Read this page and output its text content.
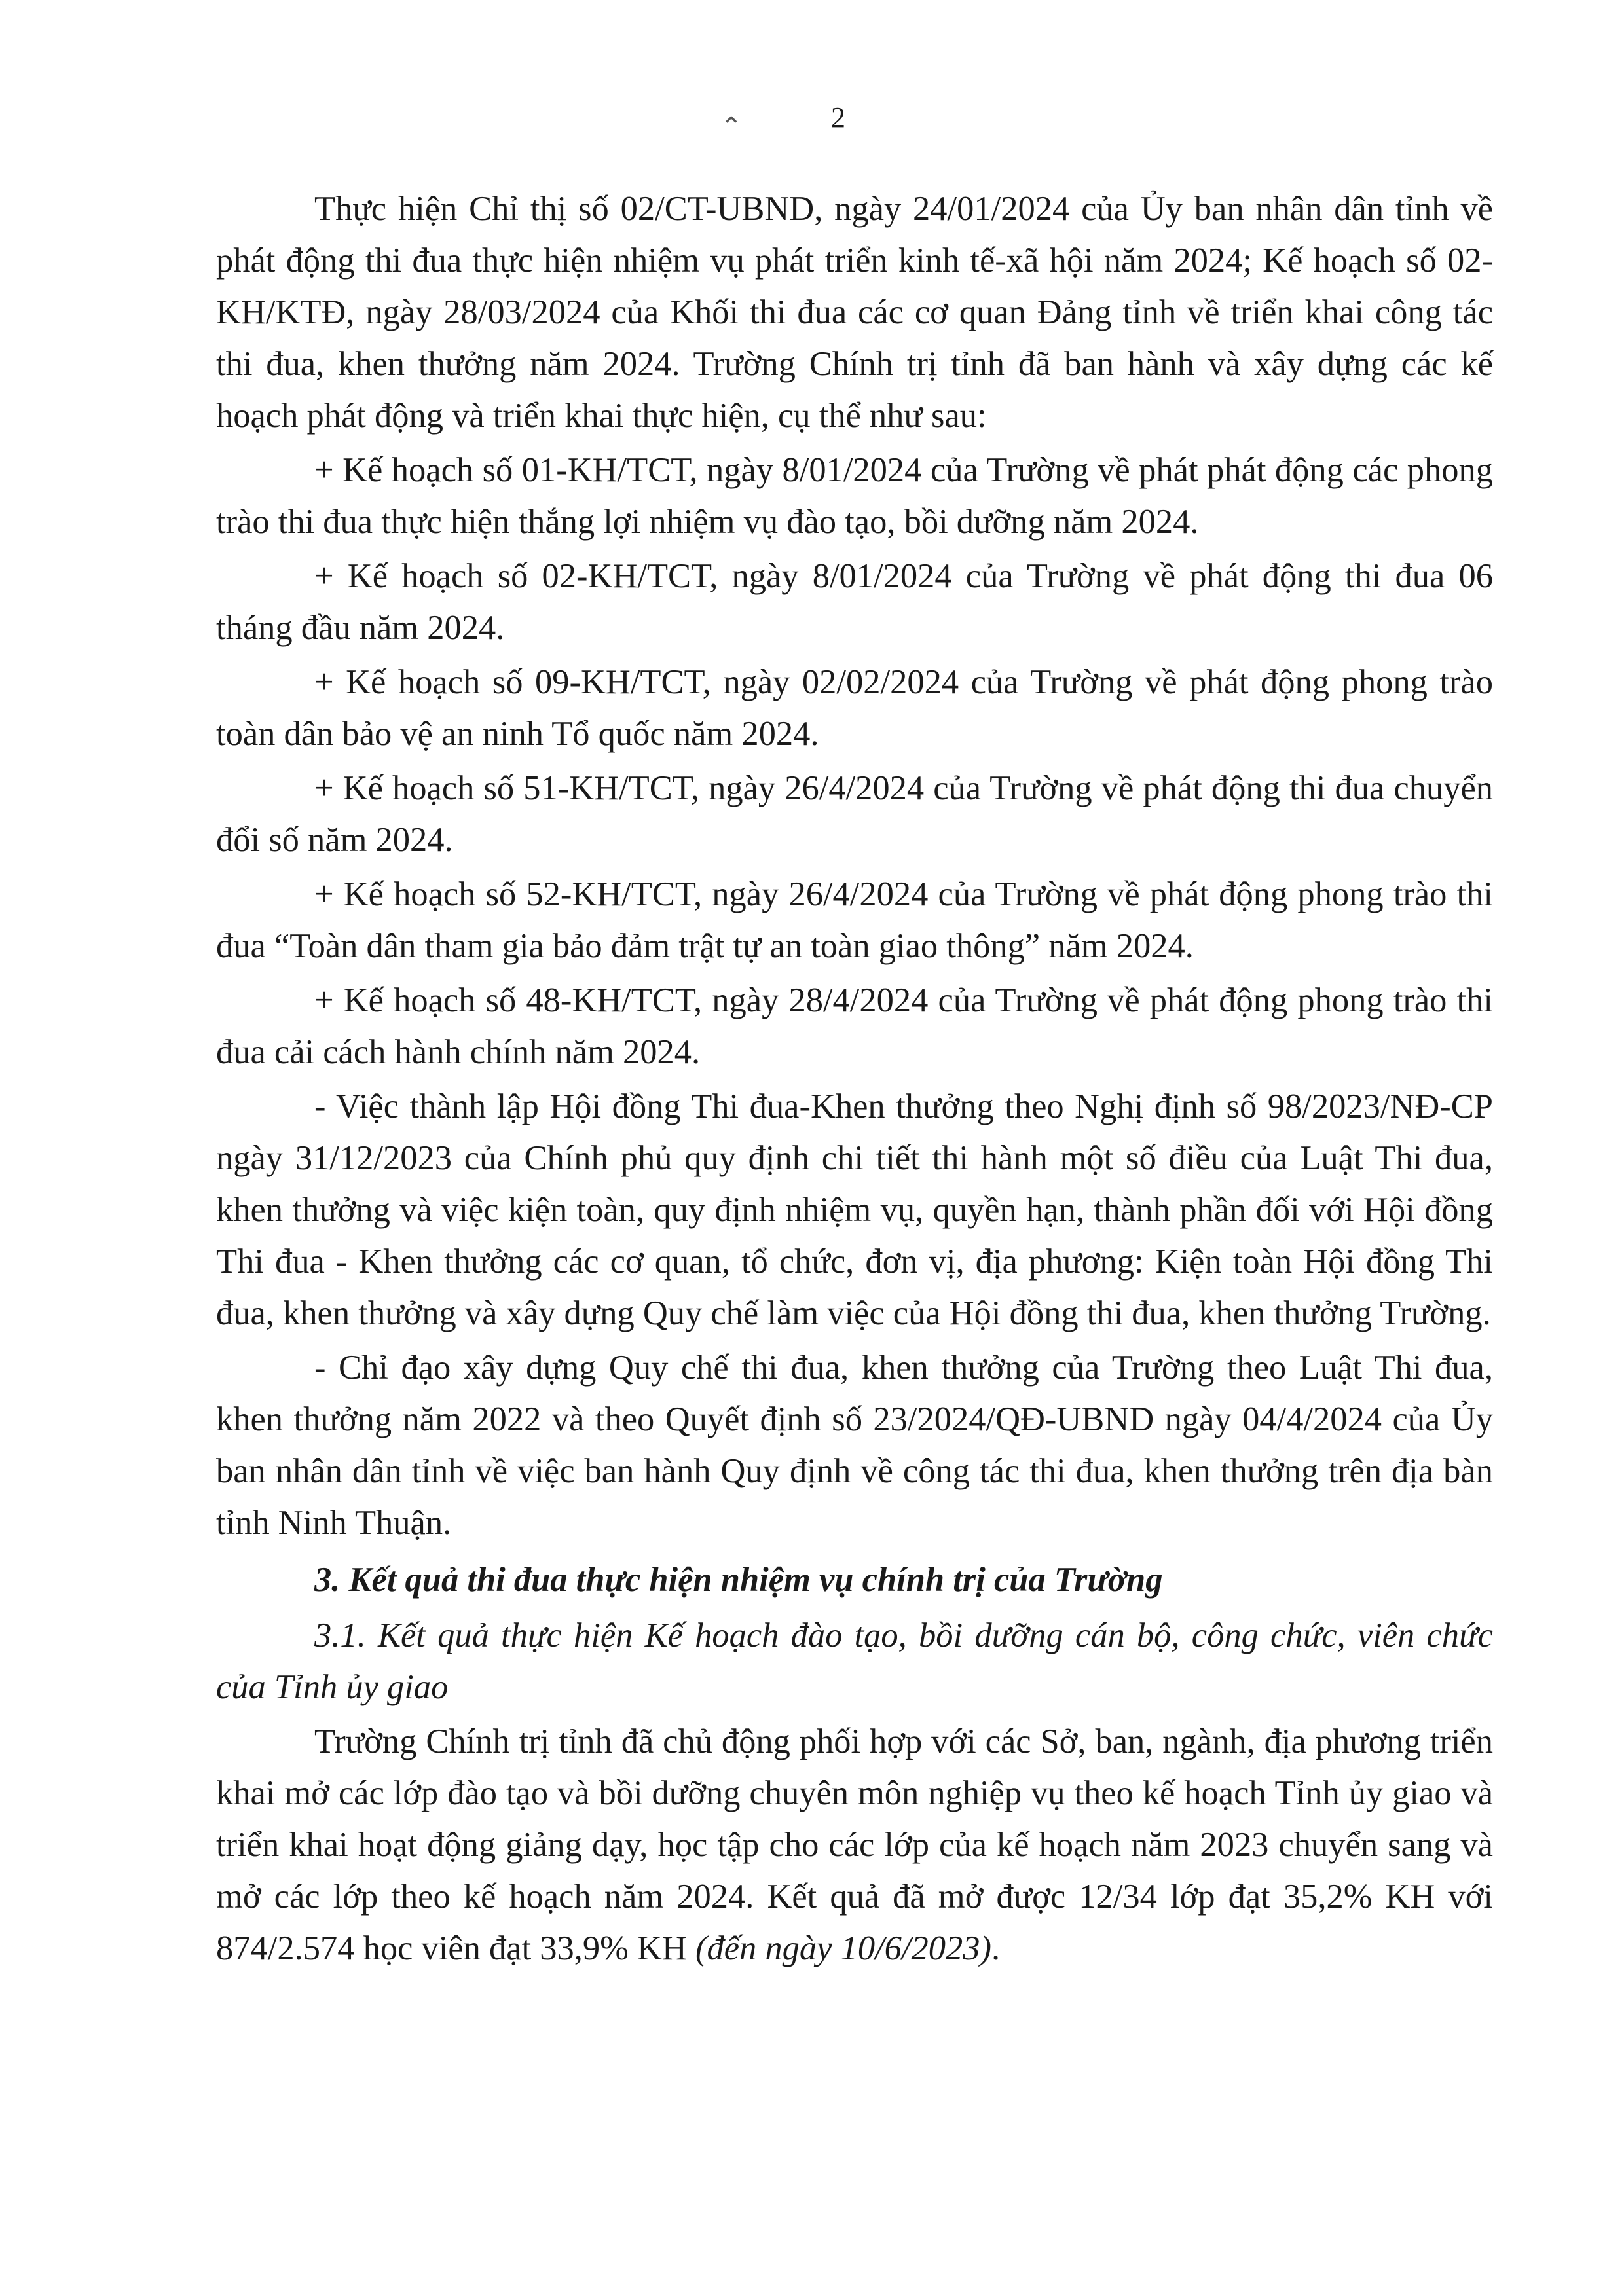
⌃	2

Thực hiện Chỉ thị số 02/CT-UBND, ngày 24/01/2024 của Ủy ban nhân dân tỉnh về phát động thi đua thực hiện nhiệm vụ phát triển kinh tế-xã hội năm 2024; Kế hoạch số 02-KH/KTĐ, ngày 28/03/2024 của Khối thi đua các cơ quan Đảng tỉnh về triển khai công tác thi đua, khen thưởng năm 2024. Trường Chính trị tỉnh đã ban hành và xây dựng các kế hoạch phát động và triển khai thực hiện, cụ thể như sau:

+ Kế hoạch số 01-KH/TCT, ngày 8/01/2024 của Trường về phát phát động các phong trào thi đua thực hiện thắng lợi nhiệm vụ đào tạo, bồi dưỡng năm 2024.

+ Kế hoạch số 02-KH/TCT, ngày 8/01/2024 của Trường về phát động thi đua 06 tháng đầu năm 2024.

+ Kế hoạch số 09-KH/TCT, ngày 02/02/2024 của Trường về phát động phong trào toàn dân bảo vệ an ninh Tổ quốc năm 2024.

+ Kế hoạch số 51-KH/TCT, ngày 26/4/2024 của Trường về phát động thi đua chuyển đổi số năm 2024.

+ Kế hoạch số 52-KH/TCT, ngày 26/4/2024 của Trường về phát động phong trào thi đua “Toàn dân tham gia bảo đảm trật tự an toàn giao thông” năm 2024.

+ Kế hoạch số 48-KH/TCT, ngày 28/4/2024 của Trường về phát động phong trào thi đua cải cách hành chính năm 2024.

- Việc thành lập Hội đồng Thi đua-Khen thưởng theo Nghị định số 98/2023/NĐ-CP ngày 31/12/2023 của Chính phủ quy định chi tiết thi hành một số điều của Luật Thi đua, khen thưởng và việc kiện toàn, quy định nhiệm vụ, quyền hạn, thành phần đối với Hội đồng Thi đua - Khen thưởng các cơ quan, tổ chức, đơn vị, địa phương: Kiện toàn Hội đồng Thi đua, khen thưởng và xây dựng Quy chế làm việc của Hội đồng thi đua, khen thưởng Trường.

- Chỉ đạo xây dựng Quy chế thi đua, khen thưởng của Trường theo Luật Thi đua, khen thưởng năm 2022 và theo Quyết định số 23/2024/QĐ-UBND ngày 04/4/2024 của Ủy ban nhân dân tỉnh về việc ban hành Quy định về công tác thi đua, khen thưởng trên địa bàn tỉnh Ninh Thuận.

3. Kết quả thi đua thực hiện nhiệm vụ chính trị của Trường

3.1. Kết quả thực hiện Kế hoạch đào tạo, bồi dưỡng cán bộ, công chức, viên chức của Tỉnh ủy giao

Trường Chính trị tỉnh đã chủ động phối hợp với các Sở, ban, ngành, địa phương triển khai mở các lớp đào tạo và bồi dưỡng chuyên môn nghiệp vụ theo kế hoạch Tỉnh ủy giao và triển khai hoạt động giảng dạy, học tập cho các lớp của kế hoạch năm 2023 chuyển sang và mở các lớp theo kế hoạch năm 2024. Kết quả đã mở được 12/34 lớp đạt 35,2% KH với 874/2.574 học viên đạt 33,9% KH (đến ngày 10/6/2023).
